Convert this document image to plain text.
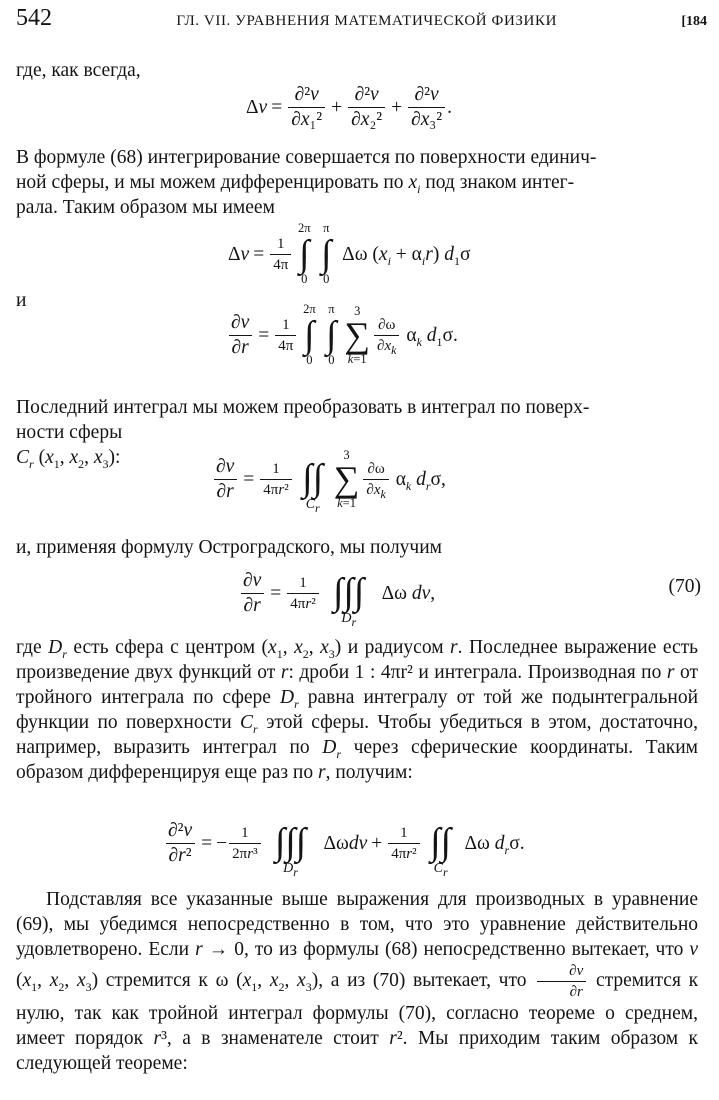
542	ГЛ. VII. УРАВНЕНИЯ МАТЕМАТИЧЕСКОЙ ФИЗИКИ	[184
где, как всегда,
$\Delta v = \frac{\text{∂²v}}{\text{∂x₁²}} + \frac{\text{∂²v}}{\text{∂x₂²}} + \frac{\text{∂²v}}{\text{∂x₃²}}$ .
В формуле (68) интегрирование совершается по поверхности единич-
ной сферы, и мы можем дифференцировать по $x_i$ под знаком интег-
рала. Таким образом мы имеем
$\Delta v = \frac{1}{4\pi}$
2π
∫
0
π
∫
0
Δω $(x_i + \alpha_ir)$ $d_1\sigma$
и
$\frac{\partial v}{\partial r} = \frac{1}{4\pi}$
2π
∫
0
π
∫
0
3
∑
k=1
$\frac{\partial\omega}{\partial x_k} \alpha_k$ $d_1\sigma$.
Последний интеграл мы можем преобразовать в интеграл по поверх-
ности сферы
$C_r$ ($x_1$, $x_2$, $x_3$):	$\frac{\partial v}{\partial r} = \frac{1}{\text{4πr²}}$ ∫∫
$C_r$
3
∑
k=1
$\frac{\partial\omega}{\partial x_k} \alpha_k$ $d_r\sigma$,
и, применяя формулу Остроградского, мы получим
$\frac{\partial v}{\partial r} = \frac{1}{\text{4πr²}}$ ∫∫∫
$D_r$
Δω dv,	(70)
где $D_r$ есть сфера с центром ($x_1$, $x_2$, $x_3$) и радиусом r. Последнее выражение есть произведение двух функций от r: дроби 1 : 4πr² и интеграла. Производная по r от тройного интеграла по сфере $D_r$ равна интегралу от той же подынтегральной функции по поверхности $C_r$ этой сферы. Чтобы убедиться в этом, достаточно, например, выразить интеграл по $D_r$ через сферические координаты. Таким образом дифференцируя еще раз по r, получим:
$\frac{\text{∂²v}}{\text{∂r²}}$ = − $\frac{1}{\text{2πr³}}$ ∫∫∫
$D_r$
$\Delta\omega dv + \frac{1}{\text{4πr²}}$ ∫∫
$C_r$
Δω $d_r\sigma$.
Подставляя все указанные выше выражения для производных в уравнение (69), мы убедимся непосредственно в том, что это уравнение действительно удовлетворено. Если r → 0, то из формулы (68) непосредственно вытекает, что v ($x_1$, $x_2$, $x_3$) стремится к ω ($x_1$, $x_2$, $x_3$), а из (70) вытекает, что $\frac{\partial v}{\partial r}$ стремится к нулю, так как тройной интеграл формулы (70), согласно теореме о среднем, имеет порядок r³, а в знаменателе стоит r². Мы приходим таким образом к следующей теореме:
